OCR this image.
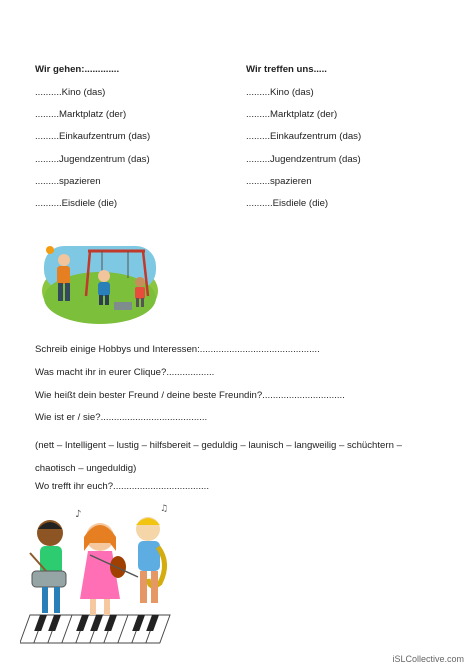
Wir gehen:.............
..........Kino (das)
.........Marktplatz (der)
.........Einkaufzentrum (das)
.........Jugendzentrum (das)
.........spazieren
..........Eisdiele (die)
Wir treffen uns.....
.........Kino (das)
.........Marktplatz (der)
.........Einkaufzentrum (das)
.........Jugendzentrum (das)
.........spazieren
..........Eisdiele (die)
Schreib einige Hobbys und Interessen:.............................................
Was macht ihr in eurer Clique?..................
Wie heißt dein bester Freund / deine beste Freundin?...............................
Wie ist er / sie?........................................
(nett – Intelligent – lustig – hilfsbereit – geduldig – launisch – langweilig – schüchtern – chaotisch – ungeduldig)
Wo trefft ihr euch?....................................
♪	♫
iSLCollective.com
